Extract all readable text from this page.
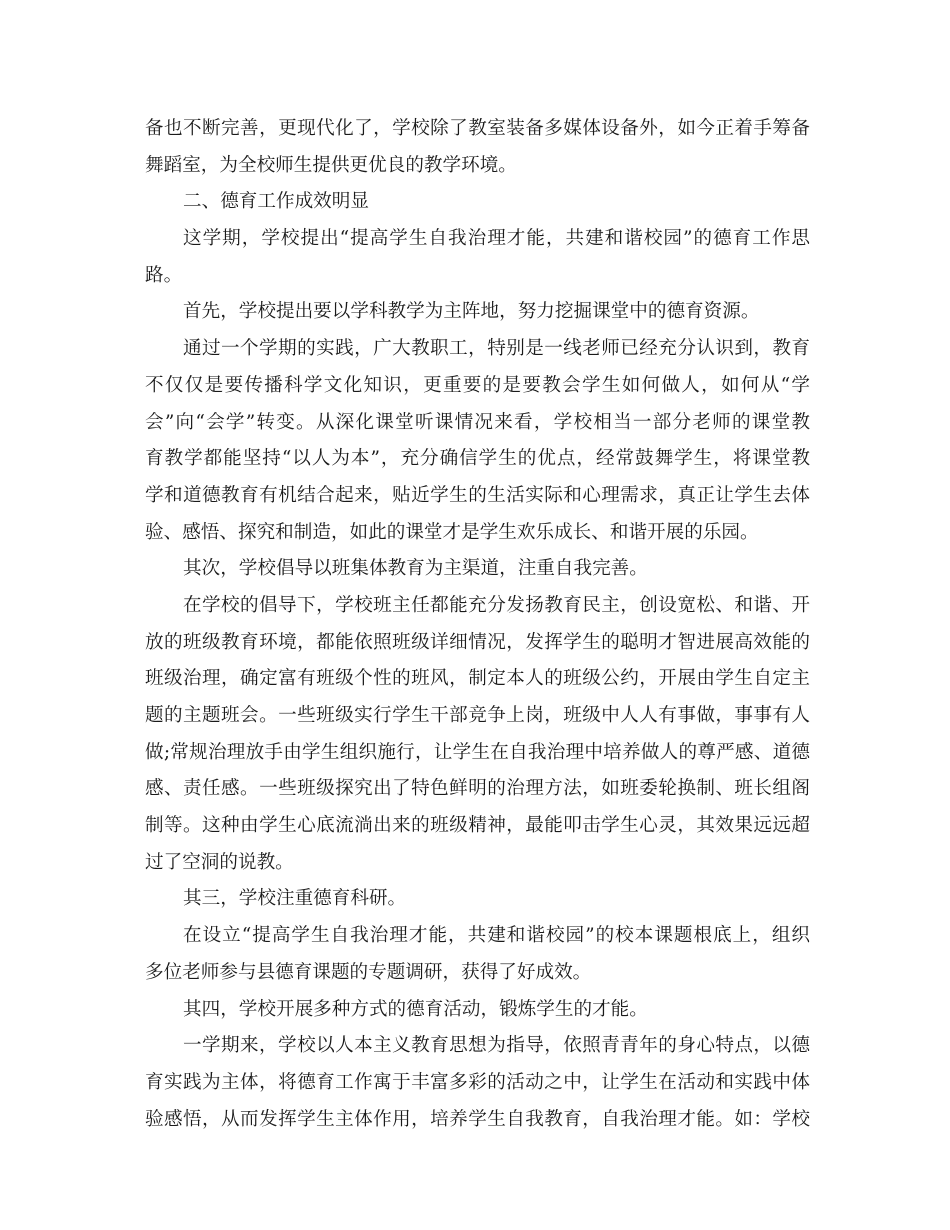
备也不断完善，更现代化了，学校除了教室装备多媒体设备外，如今正着手筹备
舞蹈室，为全校师生提供更优良的教学环境。
二、德育工作成效明显
这学期，学校提出“提高学生自我治理才能，共建和谐校园”的德育工作思
路。
首先，学校提出要以学科教学为主阵地，努力挖掘课堂中的德育资源。
通过一个学期的实践，广大教职工，特别是一线老师已经充分认识到，教育
不仅仅是要传播科学文化知识，更重要的是要教会学生如何做人，如何从“学
会”向“会学”转变。从深化课堂听课情况来看，学校相当一部分老师的课堂教
育教学都能坚持“以人为本”，充分确信学生的优点，经常鼓舞学生，将课堂教
学和道德教育有机结合起来，贴近学生的生活实际和心理需求，真正让学生去体
验、感悟、探究和制造，如此的课堂才是学生欢乐成长、和谐开展的乐园。
其次，学校倡导以班集体教育为主渠道，注重自我完善。
在学校的倡导下，学校班主任都能充分发扬教育民主，创设宽松、和谐、开
放的班级教育环境，都能依照班级详细情况，发挥学生的聪明才智进展高效能的
班级治理，确定富有班级个性的班风，制定本人的班级公约，开展由学生自定主
题的主题班会。一些班级实行学生干部竞争上岗，班级中人人有事做，事事有人
做;常规治理放手由学生组织施行，让学生在自我治理中培养做人的尊严感、道德
感、责任感。一些班级探究出了特色鲜明的治理方法，如班委轮换制、班长组阁
制等。这种由学生心底流淌出来的班级精神，最能叩击学生心灵，其效果远远超
过了空洞的说教。
其三，学校注重德育科研。
在设立“提高学生自我治理才能，共建和谐校园”的校本课题根底上，组织
多位老师参与县德育课题的专题调研，获得了好成效。
其四，学校开展多种方式的德育活动，锻炼学生的才能。
一学期来，学校以人本主义教育思想为指导，依照青青年的身心特点，以德
育实践为主体，将德育工作寓于丰富多彩的活动之中，让学生在活动和实践中体
验感悟，从而发挥学生主体作用，培养学生自我教育，自我治理才能。如：学校
